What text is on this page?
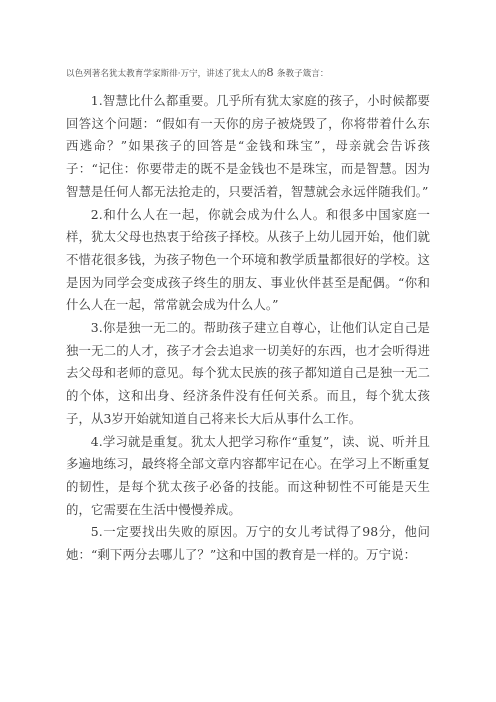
以色列著名犹太教育学家斯徘·万宁，讲述了犹太人的8 条教子箴言：

1.智慧比什么都重要。几乎所有犹太家庭的孩子，小时候都要回答这个问题：“假如有一天你的房子被烧毁了，你将带着什么东西逃命？”如果孩子的回答是“金钱和珠宝”，母亲就会告诉孩子：“记住：你要带走的既不是金钱也不是珠宝，而是智慧。因为智慧是任何人都无法抢走的，只要活着，智慧就会永远伴随我们。”

2.和什么人在一起，你就会成为什么人。和很多中国家庭一样，犹太父母也热衷于给孩子择校。从孩子上幼儿园开始，他们就不惜花很多钱，为孩子物色一个环境和教学质量都很好的学校。这是因为同学会变成孩子终生的朋友、事业伙伴甚至是配偶。“你和什么人在一起，常常就会成为什么人。”

3.你是独一无二的。帮助孩子建立自尊心，让他们认定自己是独一无二的人才，孩子才会去追求一切美好的东西，也才会听得进去父母和老师的意见。每个犹太民族的孩子都知道自己是独一无二的个体，这和出身、经济条件没有任何关系。而且，每个犹太孩子，从3岁开始就知道自己将来长大后从事什么工作。

4.学习就是重复。犹太人把学习称作“重复”，读、说、听并且多遍地练习，最终将全部文章内容都牢记在心。在学习上不断重复的韧性，是每个犹太孩子必备的技能。而这种韧性不可能是天生的，它需要在生活中慢慢养成。

5.一定要找出失败的原因。万宁的女儿考试得了98分，他问她：“剩下两分去哪儿了？”这和中国的教育是一样的。万宁说：
